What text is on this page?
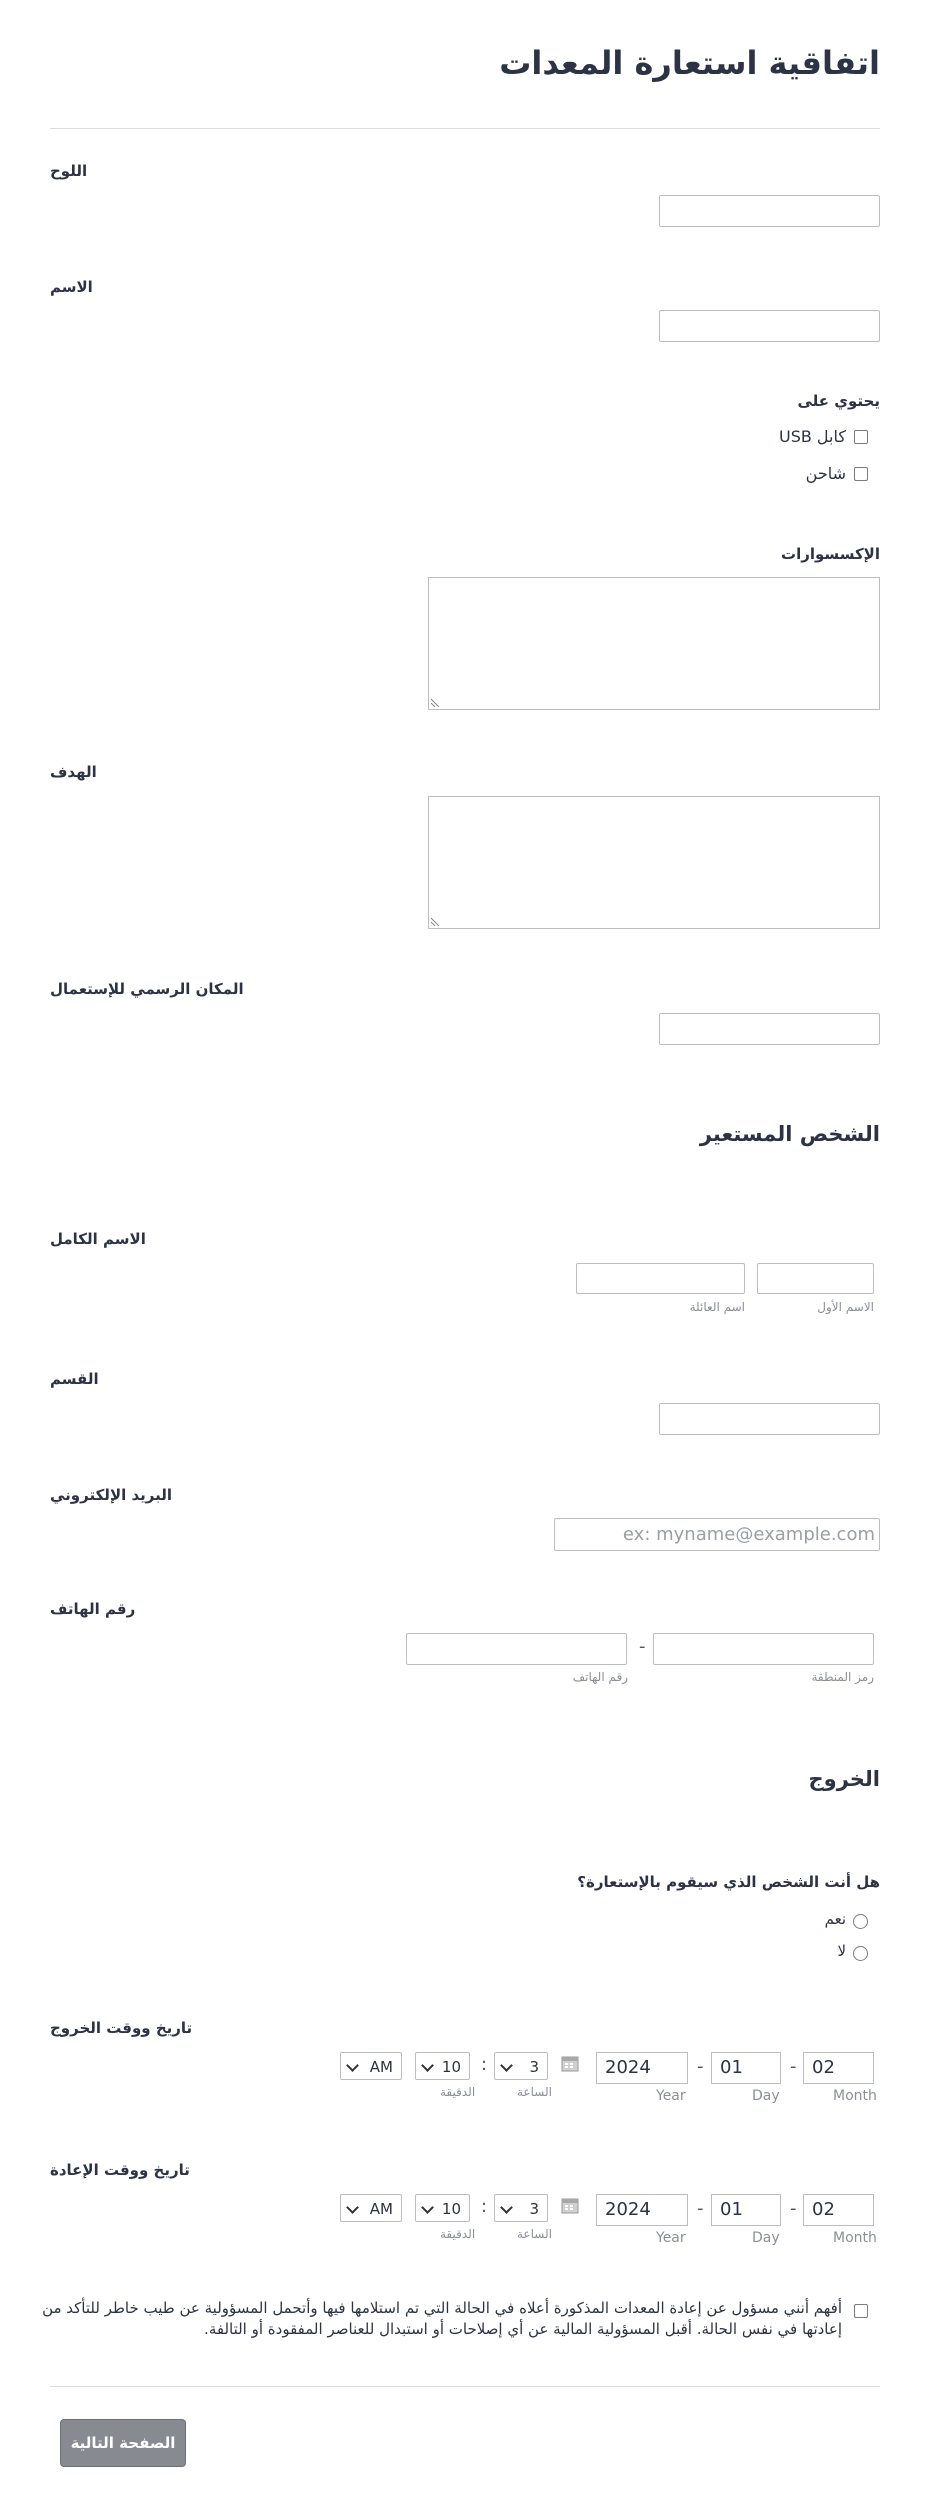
اتفاقية استعارة المعدات
اللوح
الاسم
يحتوي على
كابل USB
شاحن
الإكسسوارات
الهدف
المكان الرسمي للإستعمال
الشخص المستعير
الاسم الكامل
الاسم الأول
اسم العائلة
القسم
البريد الإلكتروني
ex: myname@example.com
رقم الهاتف
رمز المنطقة
-
رقم الهاتف
الخروج
هل أنت الشخص الذي سيقوم بالإستعارة؟
نعم
لا
تاريخ ووقت الخروج
02
Month
-
01
Day
-
2024
Year
3
الساعة
:
10
الدقيقة
AM
تاريخ ووقت الإعادة
02
Month
-
01
Day
-
2024
Year
3
الساعة
:
10
الدقيقة
AM
أفهم أنني مسؤول عن إعادة المعدات المذكورة أعلاه في الحالة التي تم استلامها فيها وأتحمل المسؤولية عن طيب خاطر للتأكد من إعادتها في نفس الحالة. أقبل المسؤولية المالية عن أي إصلاحات أو استبدال للعناصر المفقودة أو التالفة.
الصفحة التالية
